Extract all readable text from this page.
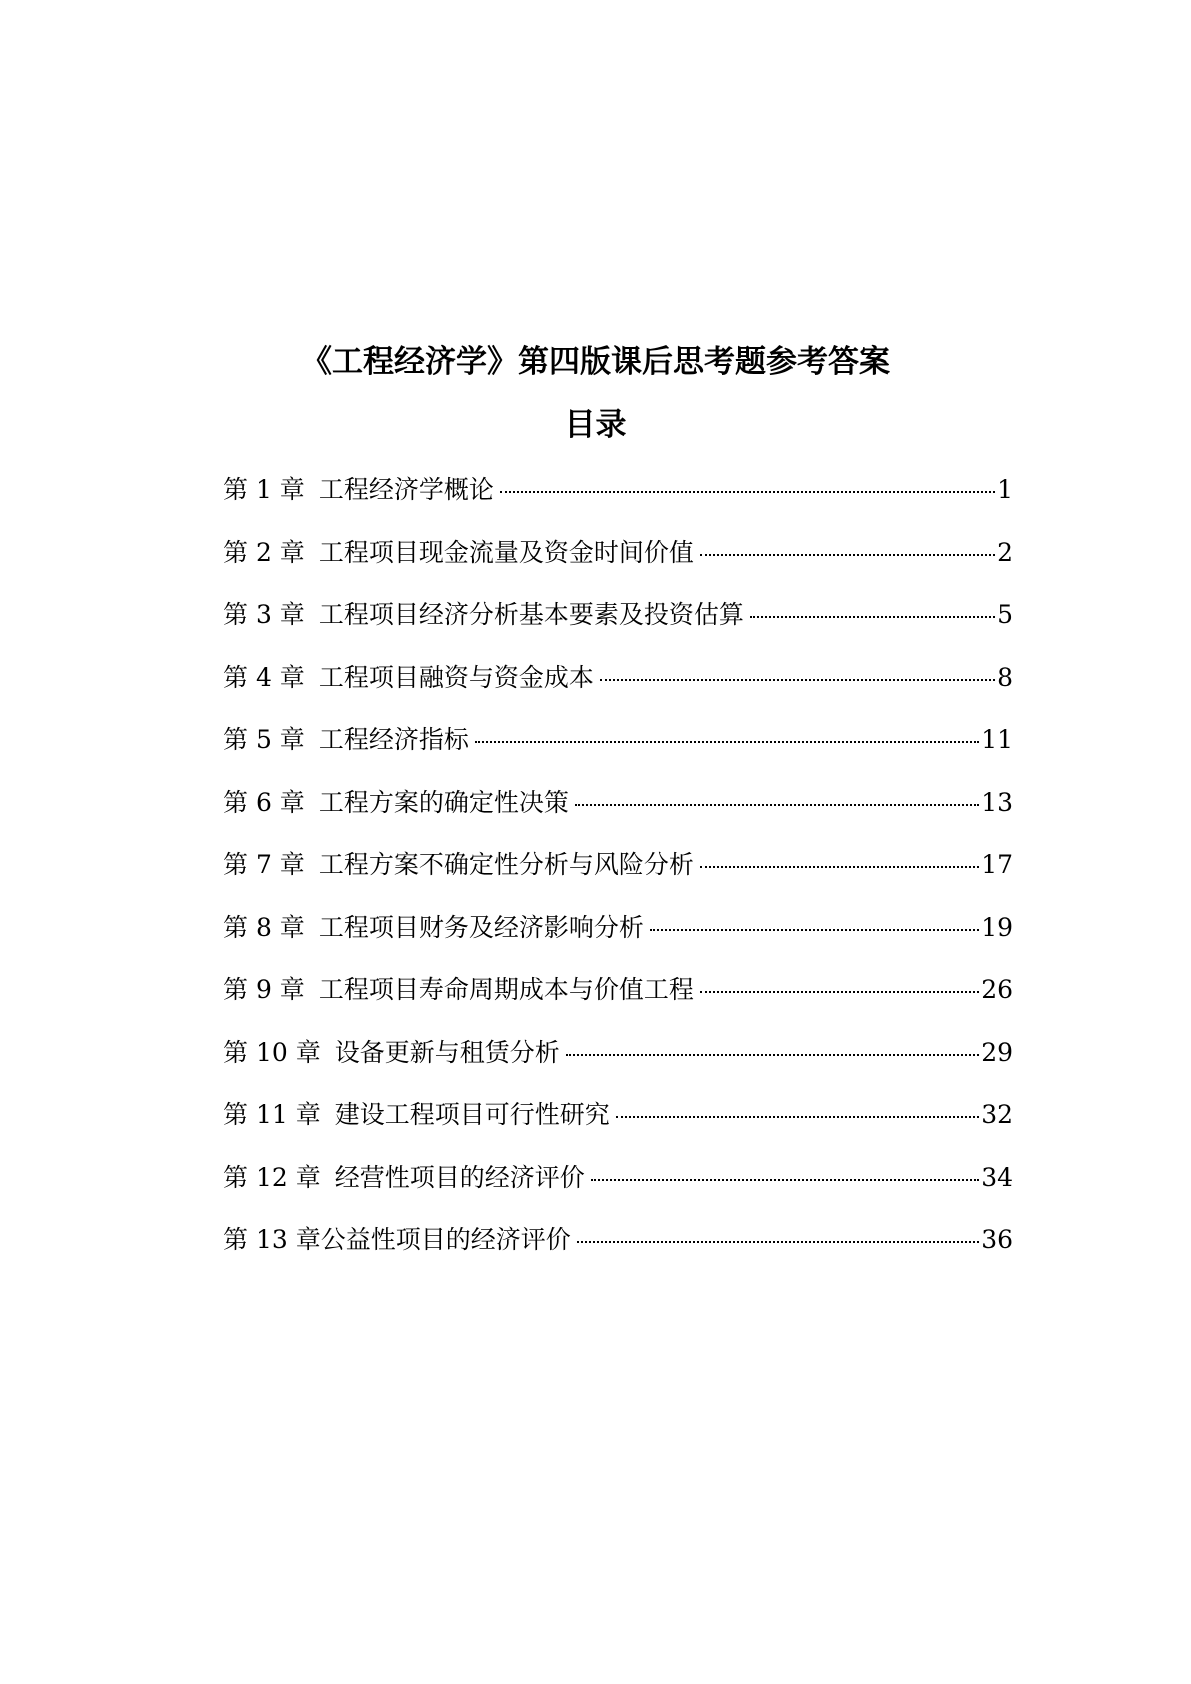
《工程经济学》第四版课后思考题参考答案
目录
第 1 章 工程经济学概论	1
第 2 章 工程项目现金流量及资金时间价值	2
第 3 章 工程项目经济分析基本要素及投资估算	5
第 4 章 工程项目融资与资金成本	8
第 5 章 工程经济指标	11
第 6 章 工程方案的确定性决策	13
第 7 章 工程方案不确定性分析与风险分析	17
第 8 章 工程项目财务及经济影响分析	19
第 9 章 工程项目寿命周期成本与价值工程	26
第 10 章 设备更新与租赁分析	29
第 11 章 建设工程项目可行性研究	32
第 12 章 经营性项目的经济评价	34
第 13 章 公益性项目的经济评价	36
